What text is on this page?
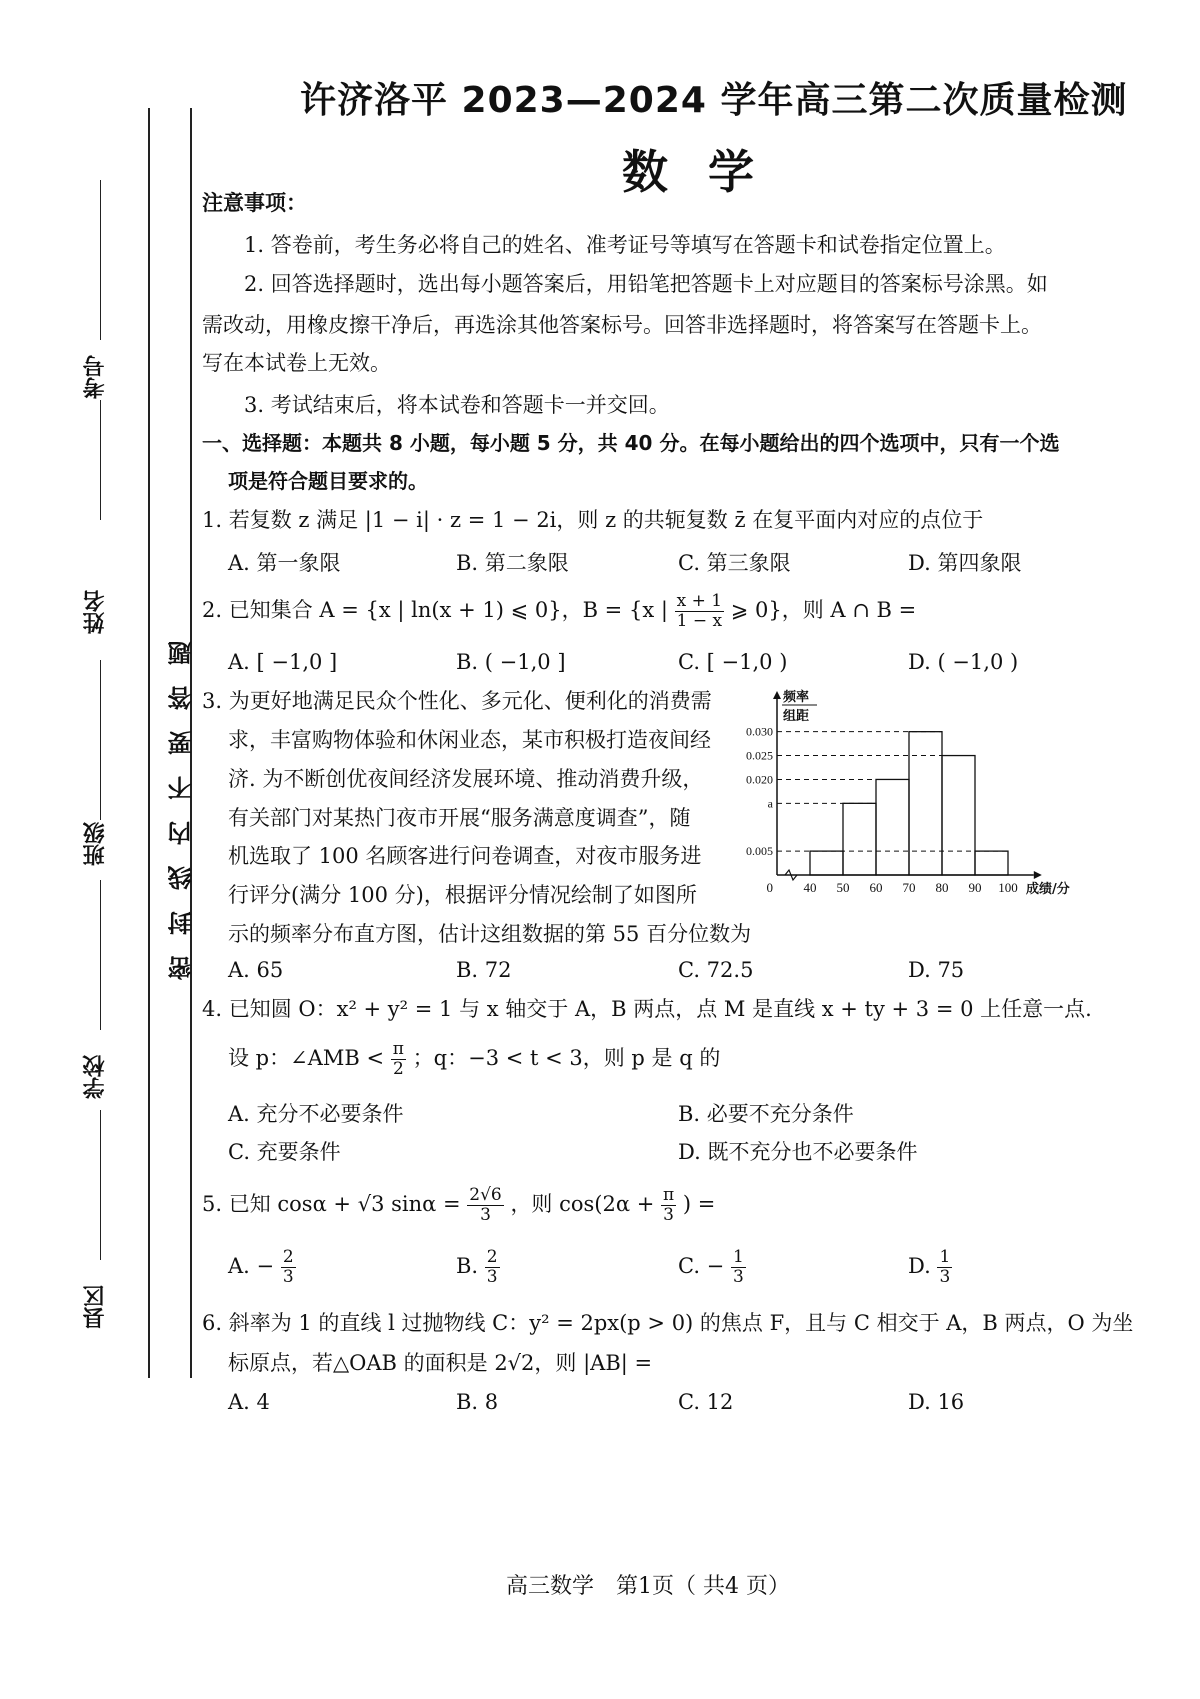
考号
姓名
班级
学校
县区
密封线内不要答题
许济洛平 2023—2024 学年高三第二次质量检测
数学
注意事项：
1. 答卷前，考生务必将自己的姓名、准考证号等填写在答题卡和试卷指定位置上。
2. 回答选择题时，选出每小题答案后，用铅笔把答题卡上对应题目的答案标号涂黑。如
需改动，用橡皮擦干净后，再选涂其他答案标号。回答非选择题时，将答案写在答题卡上。
写在本试卷上无效。
3. 考试结束后，将本试卷和答题卡一并交回。
一、选择题：本题共 8 小题，每小题 5 分，共 40 分。在每小题给出的四个选项中，只有一个选
项是符合题目要求的。
1. 若复数 z 满足 |1 − i| · z = 1 − 2i，则 z 的共轭复数 z̄ 在复平面内对应的点位于
A. 第一象限	B. 第二象限	C. 第三象限	D. 第四象限
2. 已知集合 A = {x | ln(x + 1) ⩽ 0}，B = {x | $\frac{x + 1}{1 - x}$ ⩾ 0}，则 A ∩ B =
A. [ −1,0 ]	B. ( −1,0 ]	C. [ −1,0 )	D. ( −1,0 )
3. 为更好地满足民众个性化、多元化、便利化的消费需
求，丰富购物体验和休闲业态，某市积极打造夜间经
济. 为不断创优夜间经济发展环境、推动消费升级，
有关部门对某热门夜市开展“服务满意度调查”，随
机选取了 100 名顾客进行问卷调查，对夜市服务进
行评分(满分 100 分)，根据评分情况绘制了如图所
示的频率分布直方图，估计这组数据的第 55 百分位数为
A. 65	B. 72	C. 72.5	D. 75
频率
组距
0.030
0.025
0.020
a
0.005
0 40 50 60 70 80 90 100 成绩/分
4. 已知圆 O：x² + y² = 1 与 x 轴交于 A，B 两点，点 M 是直线 x + ty + 3 = 0 上任意一点.
设 p：∠AMB < $\frac{\pi}{2}$ ；q：−3 < t < 3，则 p 是 q 的
A. 充分不必要条件	B. 必要不充分条件
C. 充要条件	D. 既不充分也不必要条件
5. 已知 cosα + √3 $\sin\alpha = \frac{2√6}{3}$ ，则 $\cos(2\alpha + \frac{\pi}{3}$ ) =
A. − $\frac{2}{3}$	B. $\frac{2}{3}$	C. − $\frac{1}{3}$	D. $\frac{1}{3}$
6. 斜率为 1 的直线 l 过抛物线 C：y² = 2px(p > 0) 的焦点 F，且与 C 相交于 A，B 两点，O 为坐
标原点，若△OAB 的面积是 2√2，则 |AB| =
A. 4	B. 8	C. 12	D. 16
高三数学　第1页（ 共4 页）
